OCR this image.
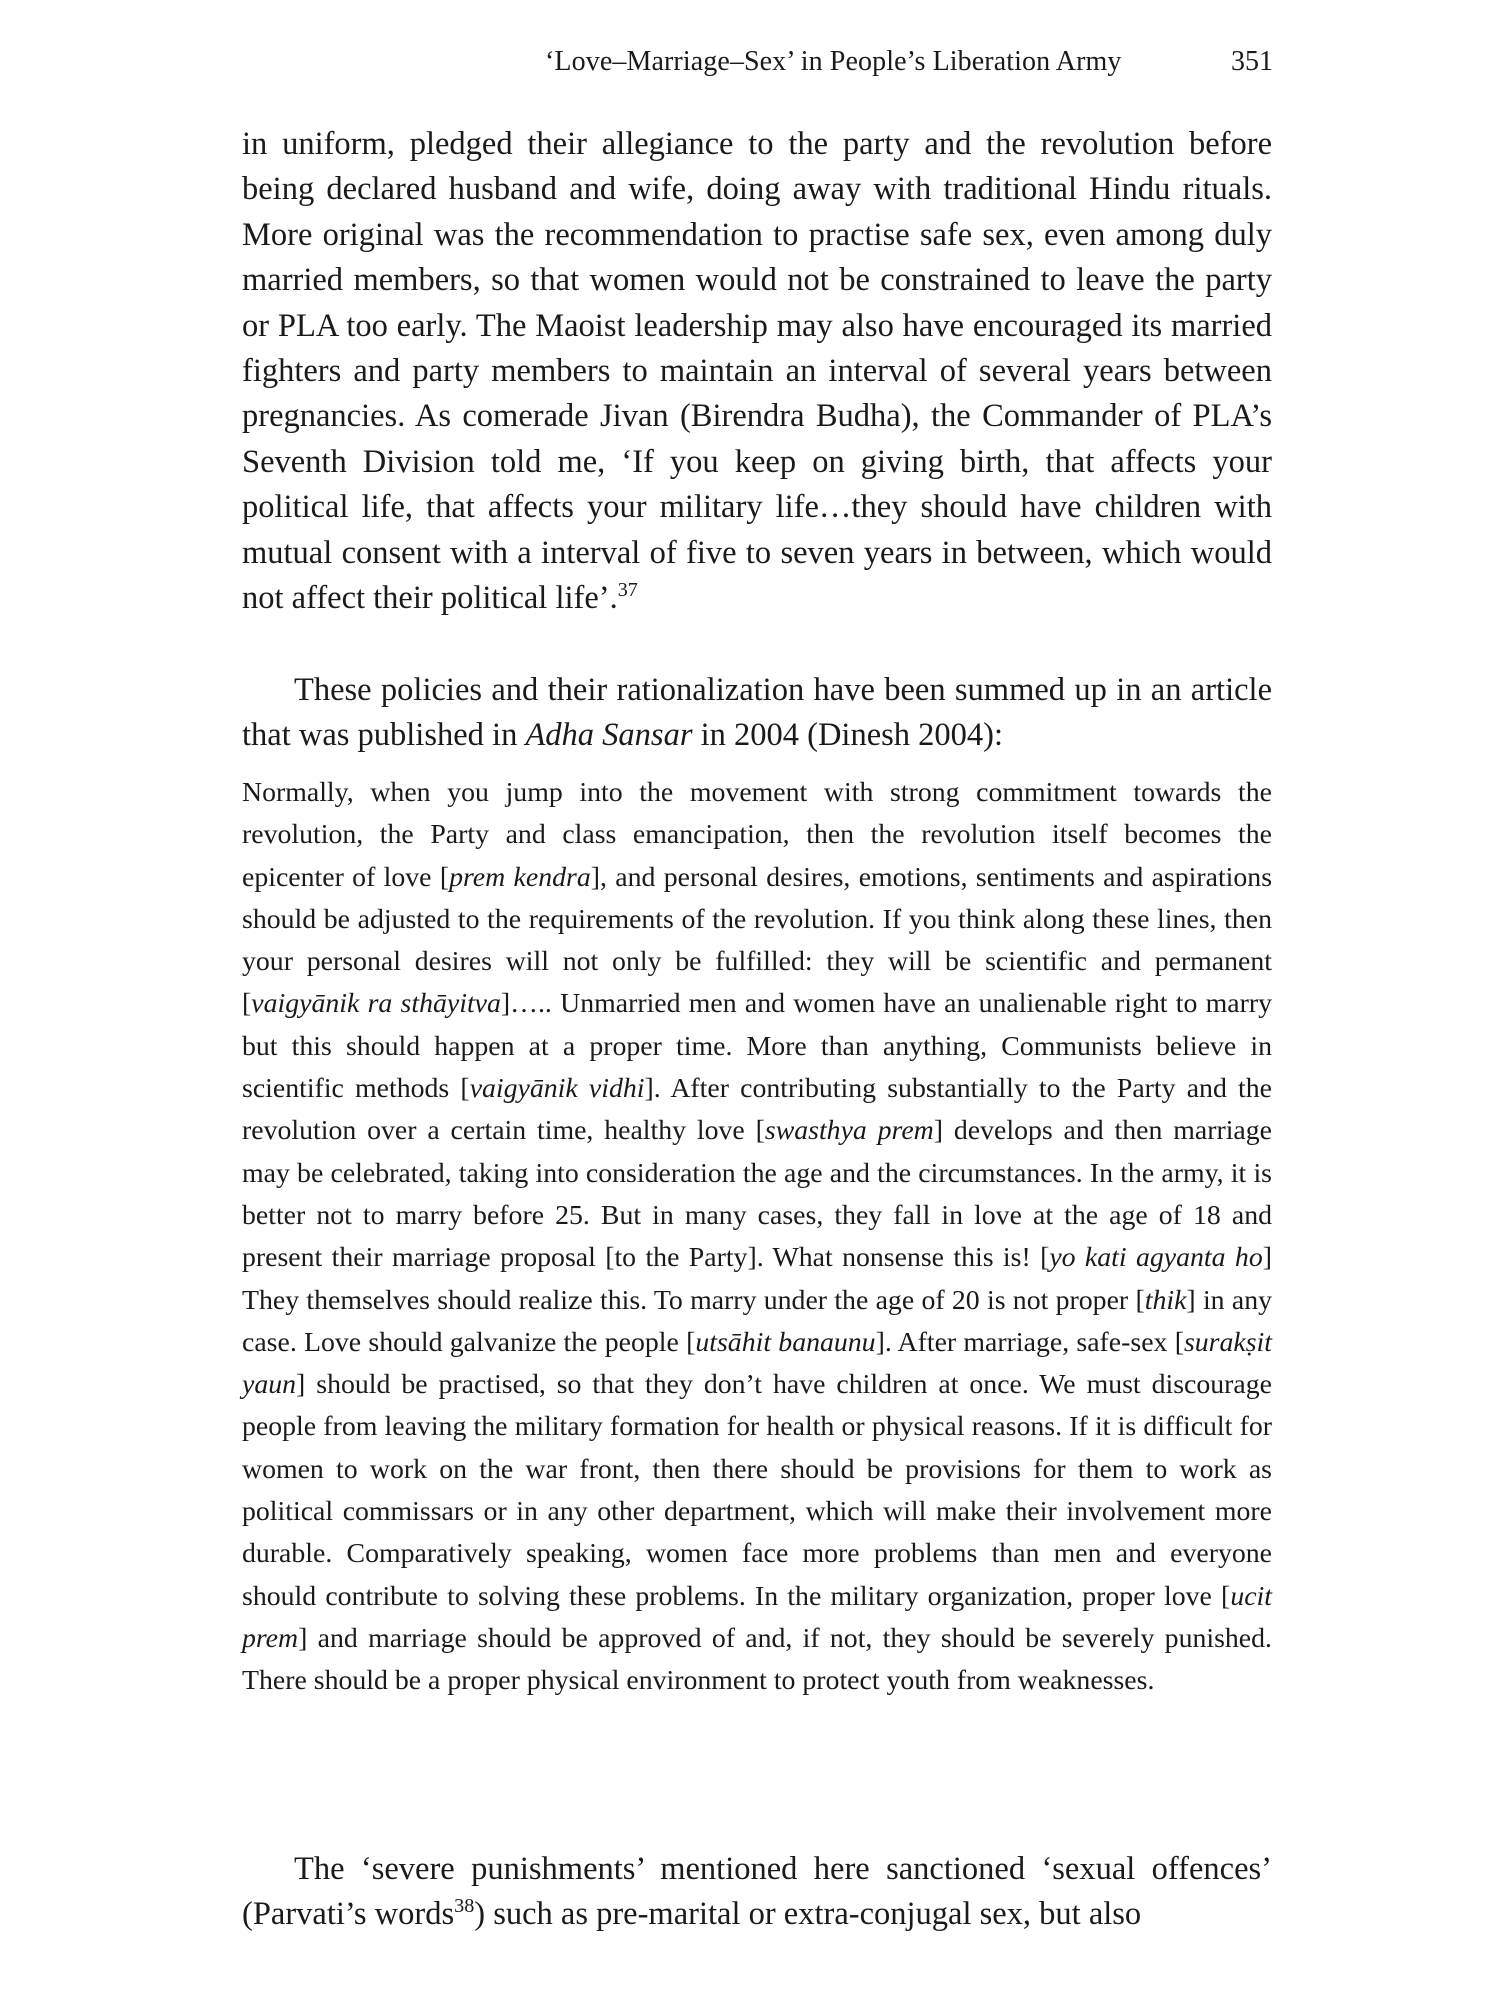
‘Love–Marriage–Sex’ in People’s Liberation Army	351

in uniform, pledged their allegiance to the party and the revolution before being declared husband and wife, doing away with traditional Hindu rituals. More original was the recommendation to practise safe sex, even among duly married members, so that women would not be constrained to leave the party or PLA too early. The Maoist leadership may also have encouraged its married fighters and party members to maintain an interval of several years between pregnancies. As comerade Jivan (Birendra Budha), the Commander of PLA’s Seventh Division told me, ‘If you keep on giving birth, that affects your political life, that affects your military life…they should have children with mutual consent with a interval of five to seven years in between, which would not affect their political life’.$^{37}$

These policies and their rationalization have been summed up in an article that was published in Adha Sansar in 2004 (Dinesh 2004):

Normally, when you jump into the movement with strong commitment towards the revolution, the Party and class emancipation, then the revolution itself becomes the epicenter of love [prem kendra], and personal desires, emotions, sentiments and aspirations should be adjusted to the requirements of the revolution. If you think along these lines, then your personal desires will not only be fulfilled: they will be scientific and permanent [vaigyānik ra sthāyitva]….. Unmarried men and women have an unalienable right to marry but this should happen at a proper time. More than anything, Communists believe in scientific methods [vaigyānik vidhi]. After contributing substantially to the Party and the revolution over a certain time, healthy love [swasthya prem] develops and then marriage may be celebrated, taking into consideration the age and the circumstances. In the army, it is better not to marry before 25. But in many cases, they fall in love at the age of 18 and present their marriage proposal [to the Party]. What nonsense this is! [yo kati agyanta ho] They themselves should realize this. To marry under the age of 20 is not proper [thik] in any case. Love should galvanize the people [utsāhit banaunu]. After marriage, safe-sex [surakṣit yaun] should be practised, so that they don’t have children at once. We must discourage people from leaving the military formation for health or physical reasons. If it is difficult for women to work on the war front, then there should be provisions for them to work as political commissars or in any other department, which will make their involvement more durable. Comparatively speaking, women face more problems than men and everyone should contribute to solving these problems. In the military organization, proper love [ucit prem] and marriage should be approved of and, if not, they should be severely punished. There should be a proper physical environment to protect youth from weaknesses.

The ‘severe punishments’ mentioned here sanctioned ‘sexual offences’ (Parvati’s words$^{38}$) such as pre-marital or extra-conjugal sex, but also
